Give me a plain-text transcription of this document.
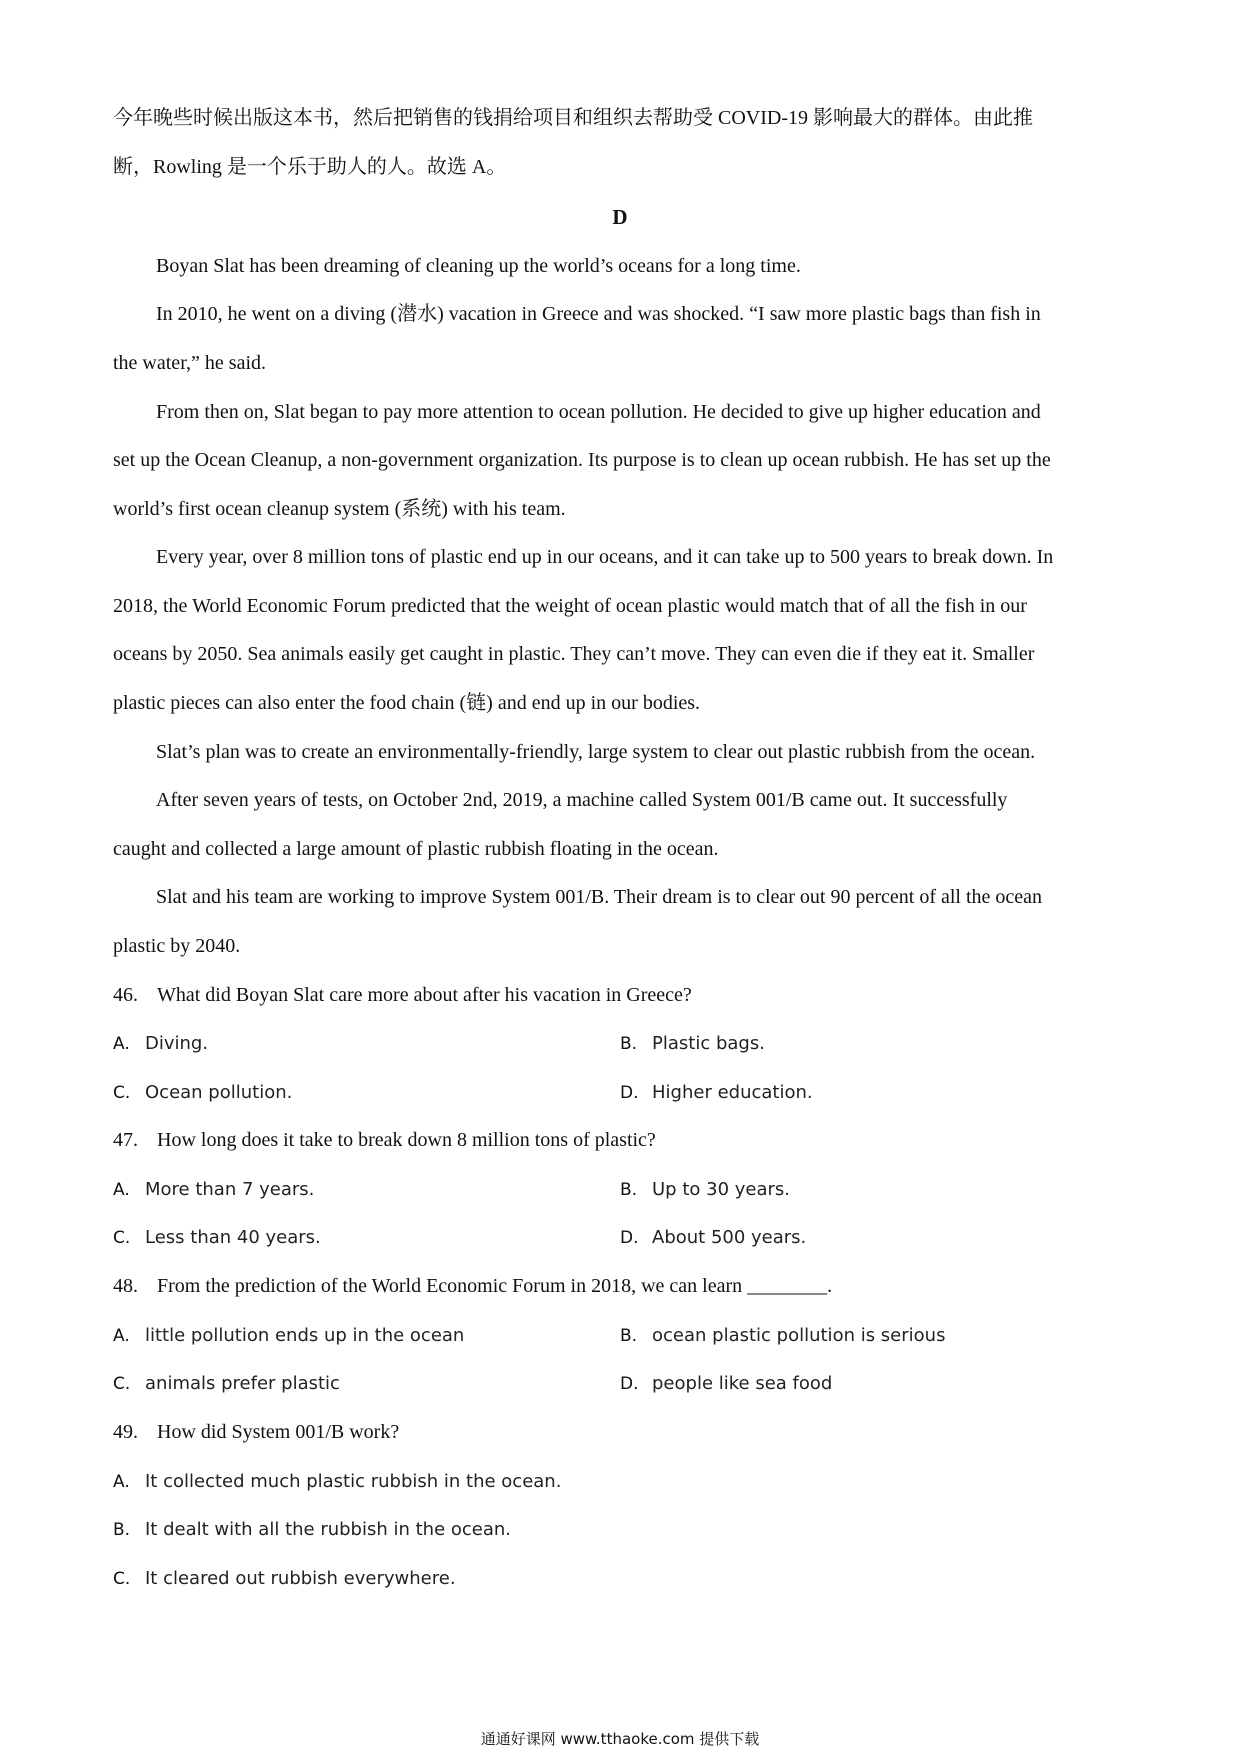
今年晚些时候出版这本书，然后把销售的钱捐给项目和组织去帮助受 COVID-19 影响最大的群体。由此推
断，Rowling 是一个乐于助人的人。故选 A。
D
Boyan Slat has been dreaming of cleaning up the world’s oceans for a long time.
In 2010, he went on a diving (潜水) vacation in Greece and was shocked. “I saw more plastic bags than fish in
the water,” he said.
From then on, Slat began to pay more attention to ocean pollution. He decided to give up higher education and
set up the Ocean Cleanup, a non-government organization. Its purpose is to clean up ocean rubbish. He has set up the
world’s first ocean cleanup system (系统) with his team.
Every year, over 8 million tons of plastic end up in our oceans, and it can take up to 500 years to break down. In
2018, the World Economic Forum predicted that the weight of ocean plastic would match that of all the fish in our
oceans by 2050. Sea animals easily get caught in plastic. They can’t move. They can even die if they eat it. Smaller
plastic pieces can also enter the food chain (链) and end up in our bodies.
Slat’s plan was to create an environmentally-friendly, large system to clear out plastic rubbish from the ocean.
After seven years of tests, on October 2nd, 2019, a machine called System 001/B came out. It successfully
caught and collected a large amount of plastic rubbish floating in the ocean.
Slat and his team are working to improve System 001/B. Their dream is to clear out 90 percent of all the ocean
plastic by 2040.
46. What did Boyan Slat care more about after his vacation in Greece?
A. Diving.	B. Plastic bags.
C. Ocean pollution.	D. Higher education.
47. How long does it take to break down 8 million tons of plastic?
A. More than 7 years.	B. Up to 30 years.
C. Less than 40 years.	D. About 500 years.
48. From the prediction of the World Economic Forum in 2018, we can learn ________.
A. little pollution ends up in the ocean	B. ocean plastic pollution is serious
C. animals prefer plastic	D. people like sea food
49. How did System 001/B work?
A. It collected much plastic rubbish in the ocean.
B. It dealt with all the rubbish in the ocean.
C. It cleared out rubbish everywhere.
通通好课网 www.tthaoke.com 提供下载
